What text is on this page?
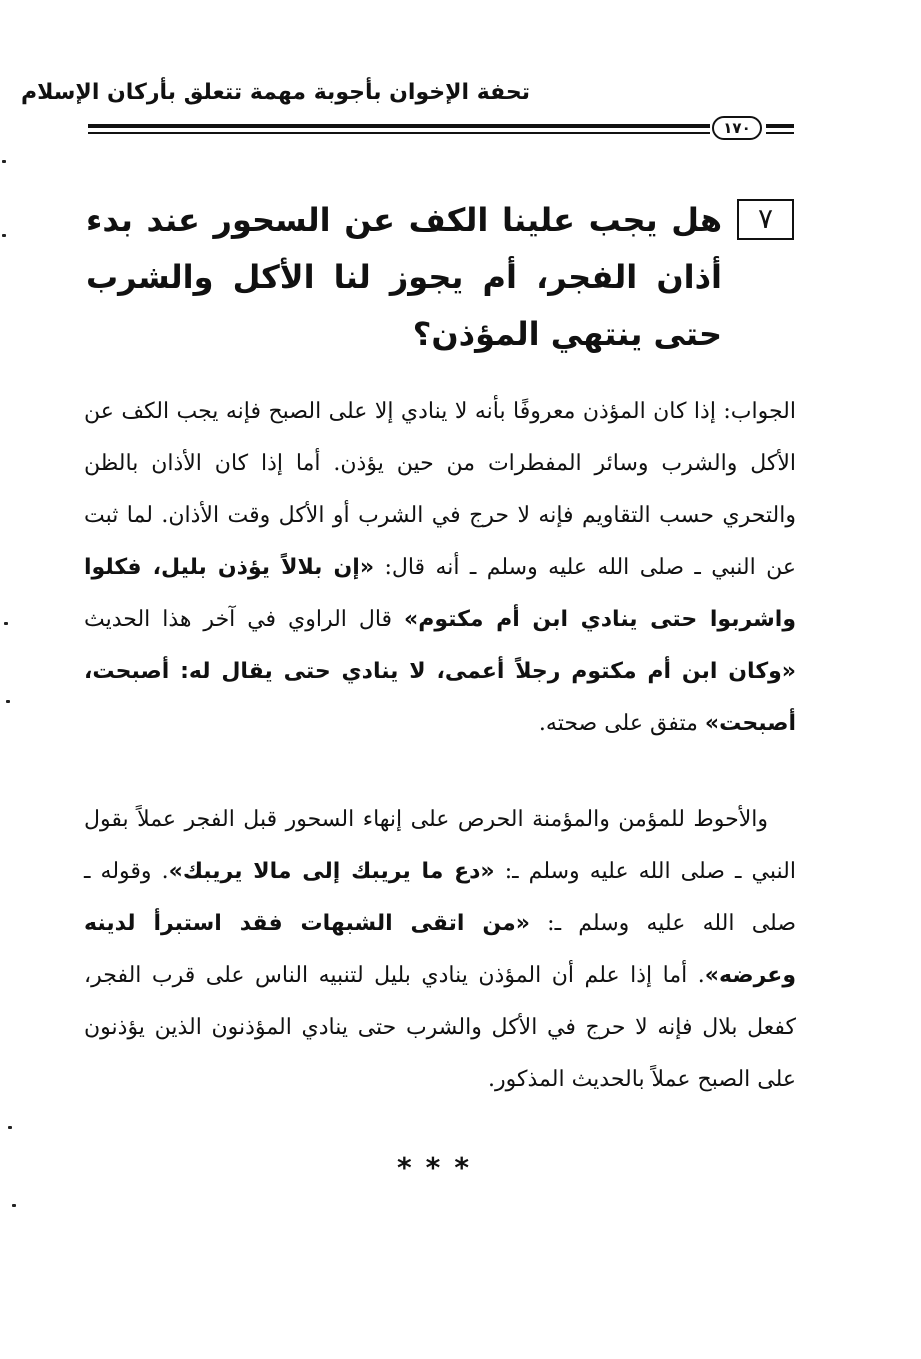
تحفة الإخوان بأجوبة مهمة تتعلق بأركان الإسلام
١٧٠
٧
هل يجب علينا الكف عن السحور عند بدء أذان الفجر، أم يجوز لنا الأكل والشرب حتى ينتهي المؤذن؟
الجواب: إذا كان المؤذن معروفًا بأنه لا ينادي إلا على الصبح فإنه يجب الكف عن الأكل والشرب وسائر المفطرات من حين يؤذن. أما إذا كان الأذان بالظن والتحري حسب التقاويم فإنه لا حرج في الشرب أو الأكل وقت الأذان. لما ثبت عن النبي ـ صلى الله عليه وسلم ـ أنه قال: «إن بلالاً يؤذن بليل، فكلوا واشربوا حتى ينادي ابن أم مكتوم» قال الراوي في آخر هذا الحديث «وكان ابن أم مكتوم رجلاً أعمى، لا ينادي حتى يقال له: أصبحت، أصبحت» متفق على صحته.
والأحوط للمؤمن والمؤمنة الحرص على إنهاء السحور قبل الفجر عملاً بقول النبي ـ صلى الله عليه وسلم ـ: «دع ما يريبك إلى مالا يريبك». وقوله ـ صلى الله عليه وسلم ـ: «من اتقى الشبهات فقد استبرأ لدينه وعرضه». أما إذا علم أن المؤذن ينادي بليل لتنبيه الناس على قرب الفجر، كفعل بلال فإنه لا حرج في الأكل والشرب حتى ينادي المؤذنون الذين يؤذنون على الصبح عملاً بالحديث المذكور.
***
